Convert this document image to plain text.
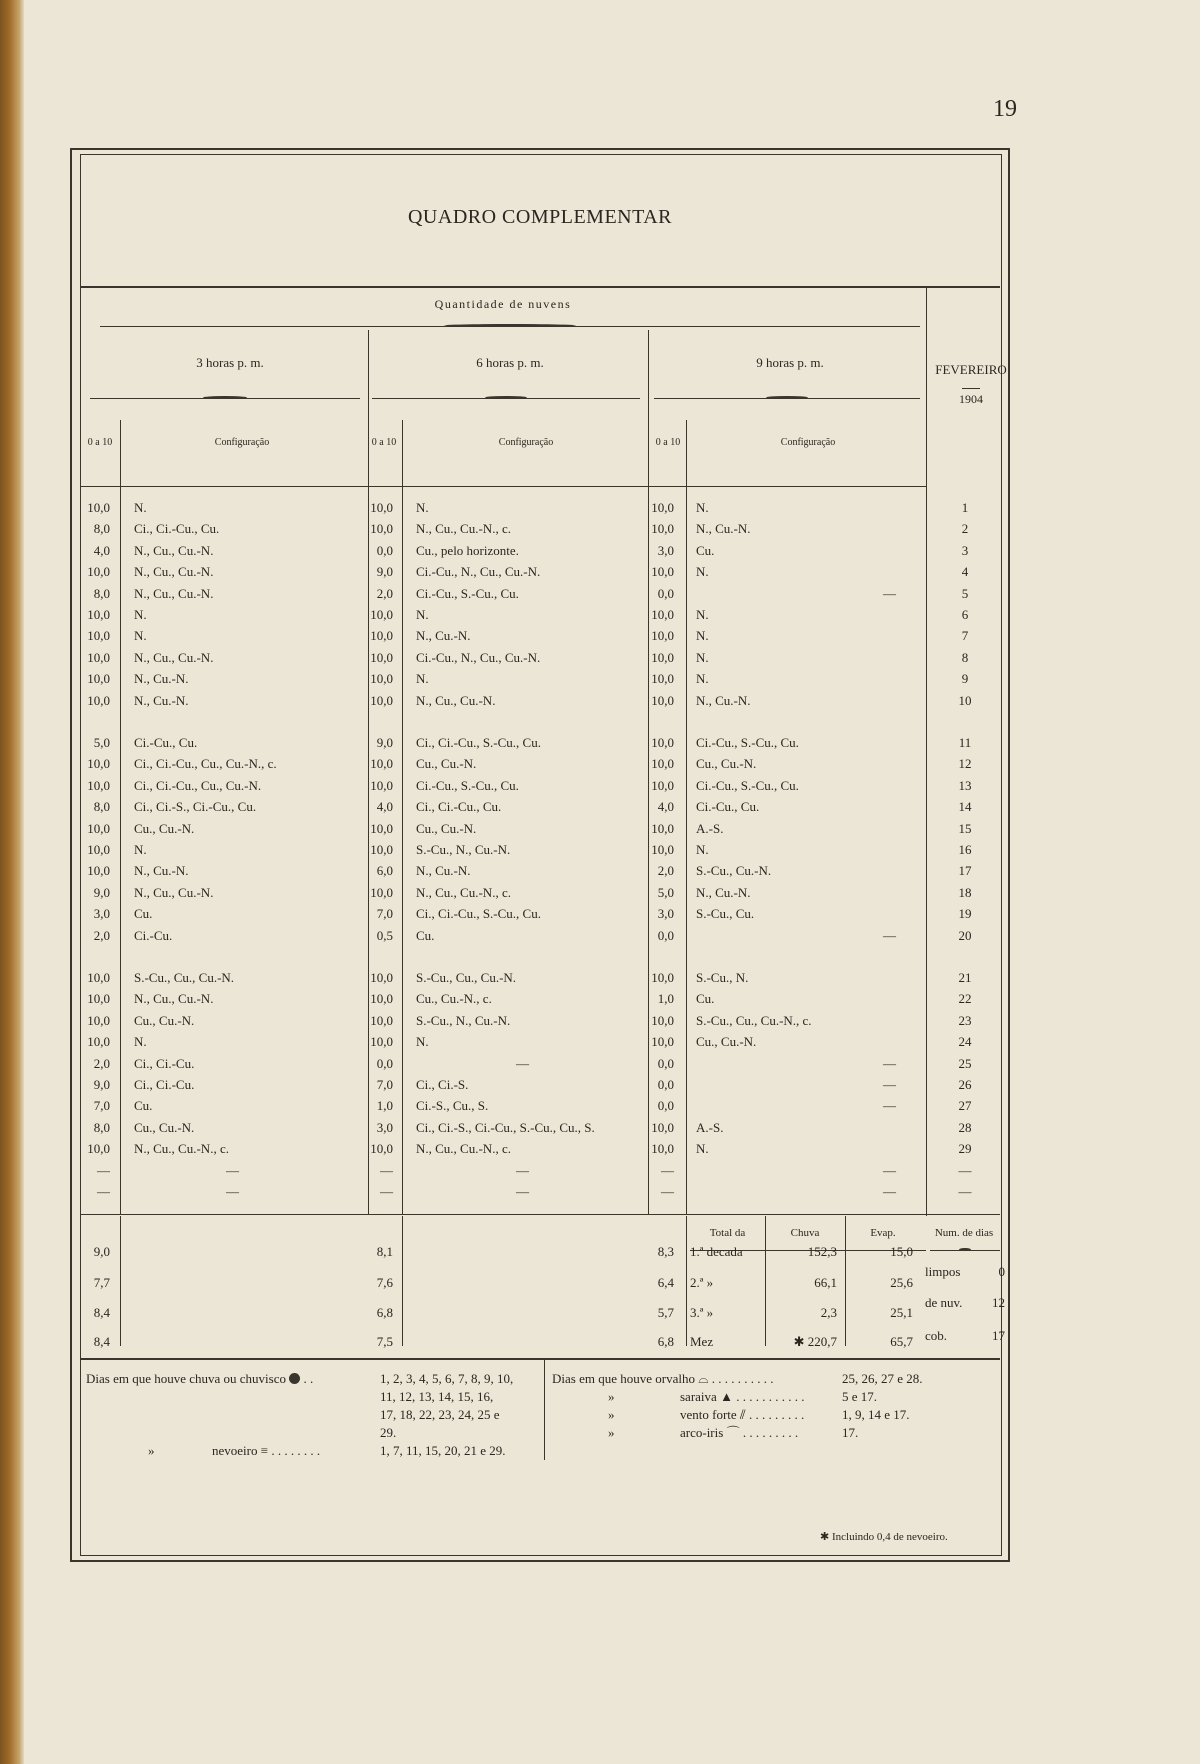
19
QUADRO COMPLEMENTAR
Quantidade de nuvens
3 horas p. m.	6 horas p. m.	9 horas p. m.	FEVEREIRO
1904
0 a 10	Configuração	0 a 10	Configuração	0 a 10	Configuração
10,0 N.	10,0 N.	10,0 N.	1
8,0 Ci., Ci.-Cu., Cu.	10,0 N., Cu., Cu.-N., c.	10,0 N., Cu.-N.	2
4,0 N., Cu., Cu.-N.	0,0 Cu., pelo horizonte.	3,0 Cu.	3
10,0 N., Cu., Cu.-N.	9,0 Ci.-Cu., N., Cu., Cu.-N.	10,0 N.	4
8,0 N., Cu., Cu.-N.	2,0 Ci.-Cu., S.-Cu., Cu.	0,0	—	5
10,0 N.	10,0 N.	10,0 N.	6
10,0 N.	10,0 N., Cu.-N.	10,0 N.	7
10,0 N., Cu., Cu.-N.	10,0 Ci.-Cu., N., Cu., Cu.-N.	10,0 N.	8
10,0 N., Cu.-N.	10,0 N.	10,0 N.	9
10,0 N., Cu.-N.	10,0 N., Cu., Cu.-N.	10,0 N., Cu.-N.	10
5,0 Ci.-Cu., Cu.	9,0 Ci., Ci.-Cu., S.-Cu., Cu.	10,0 Ci.-Cu., S.-Cu., Cu.	11
10,0 Ci., Ci.-Cu., Cu., Cu.-N., c.	10,0 Cu., Cu.-N.	10,0 Cu., Cu.-N.	12
10,0 Ci., Ci.-Cu., Cu., Cu.-N.	10,0 Ci.-Cu., S.-Cu., Cu.	10,0 Ci.-Cu., S.-Cu., Cu.	13
8,0 Ci., Ci.-S., Ci.-Cu., Cu.	4,0 Ci., Ci.-Cu., Cu.	4,0 Ci.-Cu., Cu.	14
10,0 Cu., Cu.-N.	10,0 Cu., Cu.-N.	10,0 A.-S.	15
10,0 N.	10,0 S.-Cu., N., Cu.-N.	10,0 N.	16
10,0 N., Cu.-N.	6,0 N., Cu.-N.	2,0 S.-Cu., Cu.-N.	17
9,0 N., Cu., Cu.-N.	10,0 N., Cu., Cu.-N., c.	5,0 N., Cu.-N.	18
3,0 Cu.	7,0 Ci., Ci.-Cu., S.-Cu., Cu.	3,0 S.-Cu., Cu.	19
2,0 Ci.-Cu.	0,5 Cu.	0,0	—	20
10,0 S.-Cu., Cu., Cu.-N.	10,0 S.-Cu., Cu., Cu.-N.	10,0 S.-Cu., N.	21
10,0 N., Cu., Cu.-N.	10,0 Cu., Cu.-N., c.	1,0 Cu.	22
10,0 Cu., Cu.-N.	10,0 S.-Cu., N., Cu.-N.	10,0 S.-Cu., Cu., Cu.-N., c.	23
10,0 N.	10,0 N.	10,0 Cu., Cu.-N.	24
2,0 Ci., Ci.-Cu.	0,0	—	0,0	—	25
9,0 Ci., Ci.-Cu.	7,0 Ci., Ci.-S.	0,0	—	26
7,0 Cu.	1,0 Ci.-S., Cu., S.	0,0	—	27
8,0 Cu., Cu.-N.	3,0 Ci., Ci.-S., Ci.-Cu., S.-Cu., Cu., S.	10,0 A.-S.	28
10,0 N., Cu., Cu.-N., c.	10,0 N., Cu., Cu.-N., c.	10,0 N.	29
—	—	—	—	—	—	—
—	—	—	—	—	—	—
Total da	Chuva	Evap.	Num. de dias
9,0	8,1	8,3 1.ª decada	152,3	15,0
7,7	7,6	6,4 2.ª »	66,1	25,6
8,4	6,8	5,7 3.ª »	2,3	25,1
8,4	7,5	6,8 Mez	✱ 220,7	65,7
limpos	0
de nuv. 12
cob.	17
Dias em que houve chuva ou chuvisco  . .	1, 2, 3, 4, 5, 6, 7, 8, 9, 10,
11, 12, 13, 14, 15, 16,
17, 18, 22, 23, 24, 25 e
29.
»	nevoeiro ≡ . . . . . . . .	1, 7, 11, 15, 20, 21 e 29.
Dias em que houve orvalho ⌓ . . . . . . . . . .	25, 26, 27 e 28.
»	saraiva ▲ . . . . . . . . . . .	5 e 17.
»	vento forte ⫽ . . . . . . . . .	1, 9, 14 e 17.
»	arco-iris ⌒ . . . . . . . . .	17.
✱ Incluindo 0,4 de nevoeiro.
